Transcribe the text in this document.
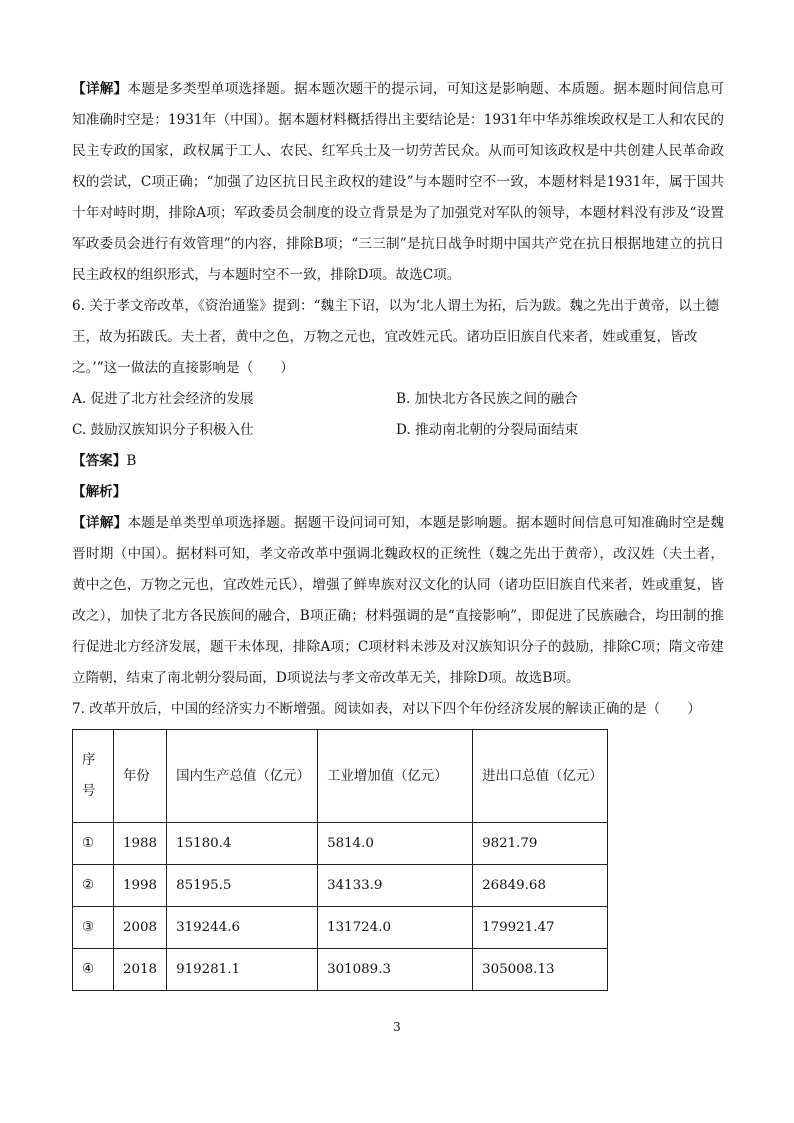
【详解】本题是多类型单项选择题。据本题次题干的提示词，可知这是影响题、本质题。据本题时间信息可知准确时空是：1931年（中国）。据本题材料概括得出主要结论是：1931年中华苏维埃政权是工人和农民的民主专政的国家，政权属于工人、农民、红军兵士及一切劳苦民众。从而可知该政权是中共创建人民革命政权的尝试，C项正确；“加强了边区抗日民主政权的建设”与本题时空不一致，本题材料是1931年，属于国共十年对峙时期，排除A项；军政委员会制度的设立背景是为了加强党对军队的领导，本题材料没有涉及“设置军政委员会进行有效管理”的内容，排除B项；“三三制”是抗日战争时期中国共产党在抗日根据地建立的抗日民主政权的组织形式，与本题时空不一致，排除D项。故选C项。

6. 关于孝文帝改革，《资治通鉴》提到：“魏主下诏，以为‘北人谓土为拓，后为跋。魏之先出于黄帝，以土德王，故为拓跋氏。夫土者，黄中之色，万物之元也，宜改姓元氏。诸功臣旧族自代来者，姓或重复，皆改之。’”这一做法的直接影响是（　　）

A. 促进了北方社会经济的发展	B. 加快北方各民族之间的融合
C. 鼓励汉族知识分子积极入仕	D. 推动南北朝的分裂局面结束

【答案】B

【解析】

【详解】本题是单类型单项选择题。据题干设问词可知，本题是影响题。据本题时间信息可知准确时空是魏晋时期（中国）。据材料可知，孝文帝改革中强调北魏政权的正统性（魏之先出于黄帝），改汉姓（夫土者，黄中之色，万物之元也，宜改姓元氏），增强了鲜卑族对汉文化的认同（诸功臣旧族自代来者，姓或重复，皆改之），加快了北方各民族间的融合，B项正确；材料强调的是“直接影响”，即促进了民族融合，均田制的推行促进北方经济发展，题干未体现，排除A项；C项材料未涉及对汉族知识分子的鼓励，排除C项；隋文帝建立隋朝，结束了南北朝分裂局面，D项说法与孝文帝改革无关，排除D项。故选B项。

7. 改革开放后，中国的经济实力不断增强。阅读如表，对以下四个年份经济发展的解读正确的是（　　）

序号	年份	国内生产总值（亿元）	工业增加值（亿元）	进出口总值（亿元）
①	1988	15180.4	5814.0	9821.79
②	1998	85195.5	34133.9	26849.68
③	2008	319244.6	131724.0	179921.47
④	2018	919281.1	301089.3	305008.13
3
